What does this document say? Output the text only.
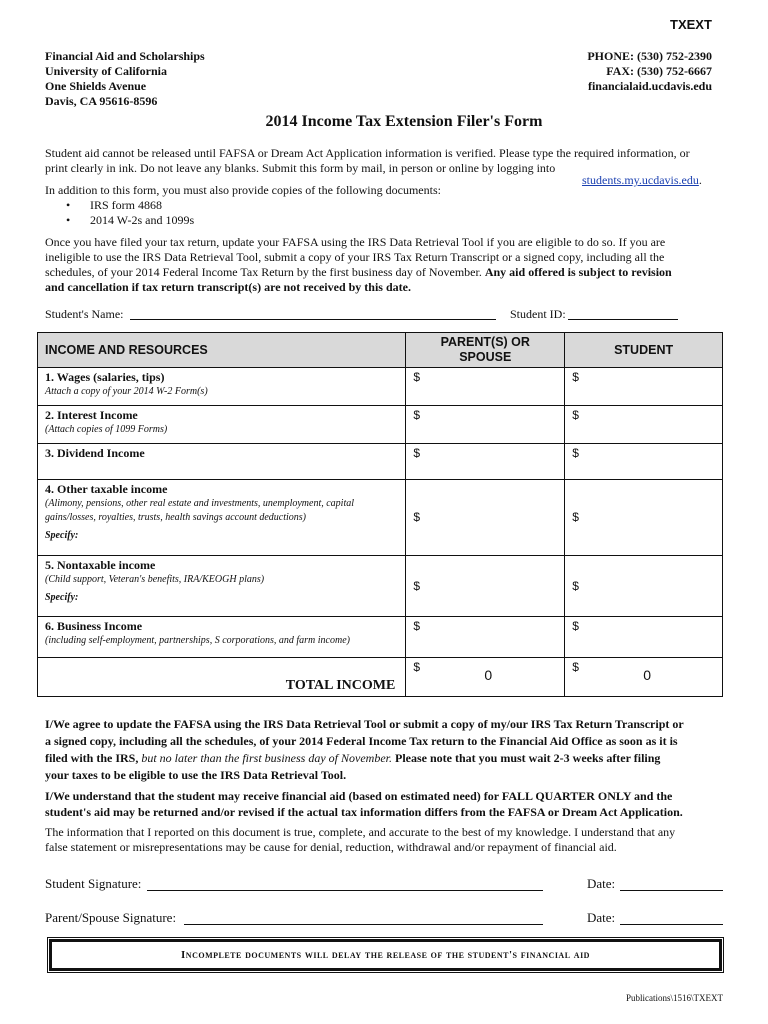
TXEXT
Financial Aid and Scholarships
University of California
One Shields Avenue
Davis, CA 95616-8596
PHONE: (530) 752-2390
FAX: (530) 752-6667
financialaid.ucdavis.edu
2014 Income Tax Extension Filer's Form
Student aid cannot be released until FAFSA or Dream Act Application information is verified. Please type the required information, or
print clearly in ink. Do not leave any blanks. Submit this form by mail, in person or online by logging into
students.my.ucdavis.edu.
In addition to this form, you must also provide copies of the following documents:
• IRS form 4868
• 2014 W-2s and 1099s
Once you have filed your tax return, update your FAFSA using the IRS Data Retrieval Tool if you are eligible to do so. If you are
ineligible to use the IRS Data Retrieval Tool, submit a copy of your IRS Tax Return Transcript or a signed copy, including all the
schedules, of your 2014 Federal Income Tax Return by the first business day of November. Any aid offered is subject to revision
and cancellation if tax return transcript(s) are not received by this date.
Student's Name:	Student ID:
INCOME AND RESOURCES	PARENT(S) OR SPOUSE	STUDENT

1. Wages (salaries, tips)
Attach a copy of your 2014 W-2 Form(s)	$	$

2. Interest Income
(Attach copies of 1099 Forms)	$	$

3. Dividend Income	$	$

4. Other taxable income
(Alimony, pensions, other real estate and investments, unemployment, capital gains/losses, royalties, trusts, health savings account deductions)
Specify:	$	$

5. Nontaxable income
(Child support, Veteran's benefits, IRA/KEOGH plans)
Specify:	$	$

6. Business Income
(including self-employment, partnerships, S corporations, and farm income)	$	$
TOTAL INCOME	$ 0	$ 0
I/We agree to update the FAFSA using the IRS Data Retrieval Tool or submit a copy of my/our IRS Tax Return Transcript or
a signed copy, including all the schedules, of your 2014 Federal Income Tax return to the Financial Aid Office as soon as it is
filed with the IRS, but no later than the first business day of November. Please note that you must wait 2-3 weeks after filing
your taxes to be eligible to use the IRS Data Retrieval Tool.
I/We understand that the student may receive financial aid (based on estimated need) for FALL QUARTER ONLY and the
student's aid may be returned and/or revised if the actual tax information differs from the FAFSA or Dream Act Application.
The information that I reported on this document is true, complete, and accurate to the best of my knowledge. I understand that any
false statement or misrepresentations may be cause for denial, reduction, withdrawal and/or repayment of financial aid.
Student Signature:	Date:
Parent/Spouse Signature:	Date:
Incomplete documents will delay the release of the student's financial aid
Publications\1516\TXEXT
